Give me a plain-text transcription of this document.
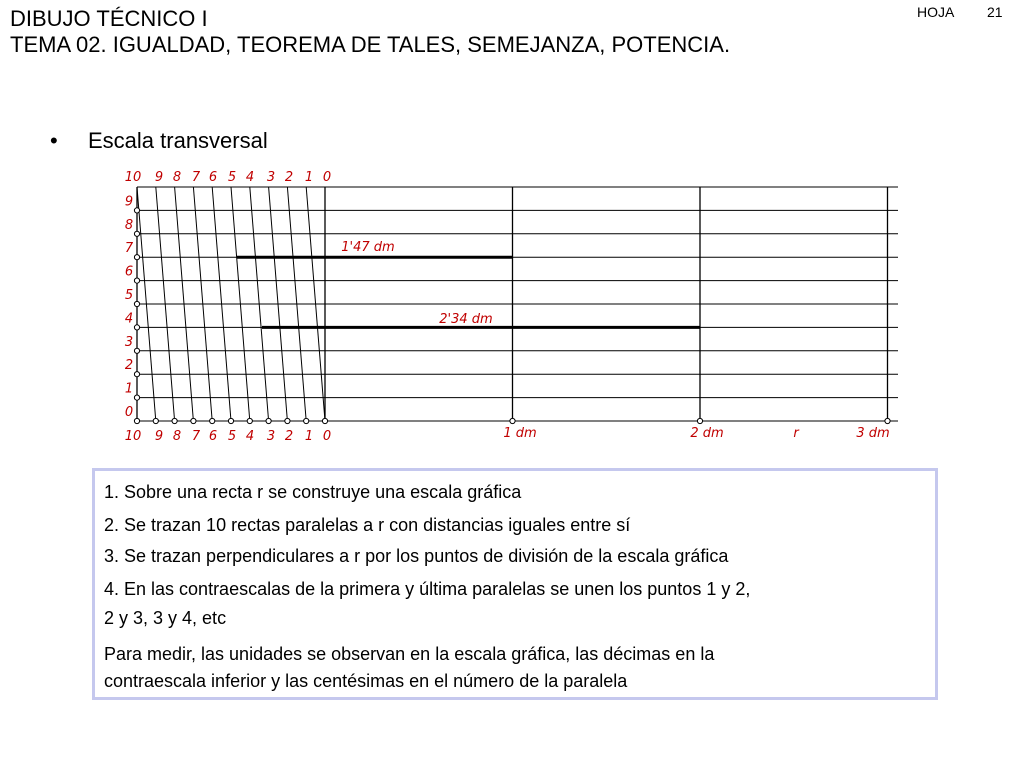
DIBUJO TÉCNICO I
TEMA 02. IGUALDAD, TEOREMA DE TALES, SEMEJANZA, POTENCIA.
HOJA 21
• Escala transversal
10 9 8 7 6 5 4 3 2 1 0
10 9 8 7 6 5 4 3 2 1 0
9
8
7
6
5
4
3
2
1
0
1 dm	2 dm	r	3 dm
1'47 dm
2'34 dm
1. Sobre una recta r se construye una escala gráfica
2. Se trazan 10 rectas paralelas a r con distancias iguales entre sí
3. Se trazan perpendiculares a r por los puntos de división de la escala gráfica
4. En las contraescalas de la primera y última paralelas se unen los puntos 1 y 2,
2 y 3, 3 y 4, etc
Para medir, las unidades se observan en la escala gráfica, las décimas en la
contraescala inferior y las centésimas en el número de la paralela
